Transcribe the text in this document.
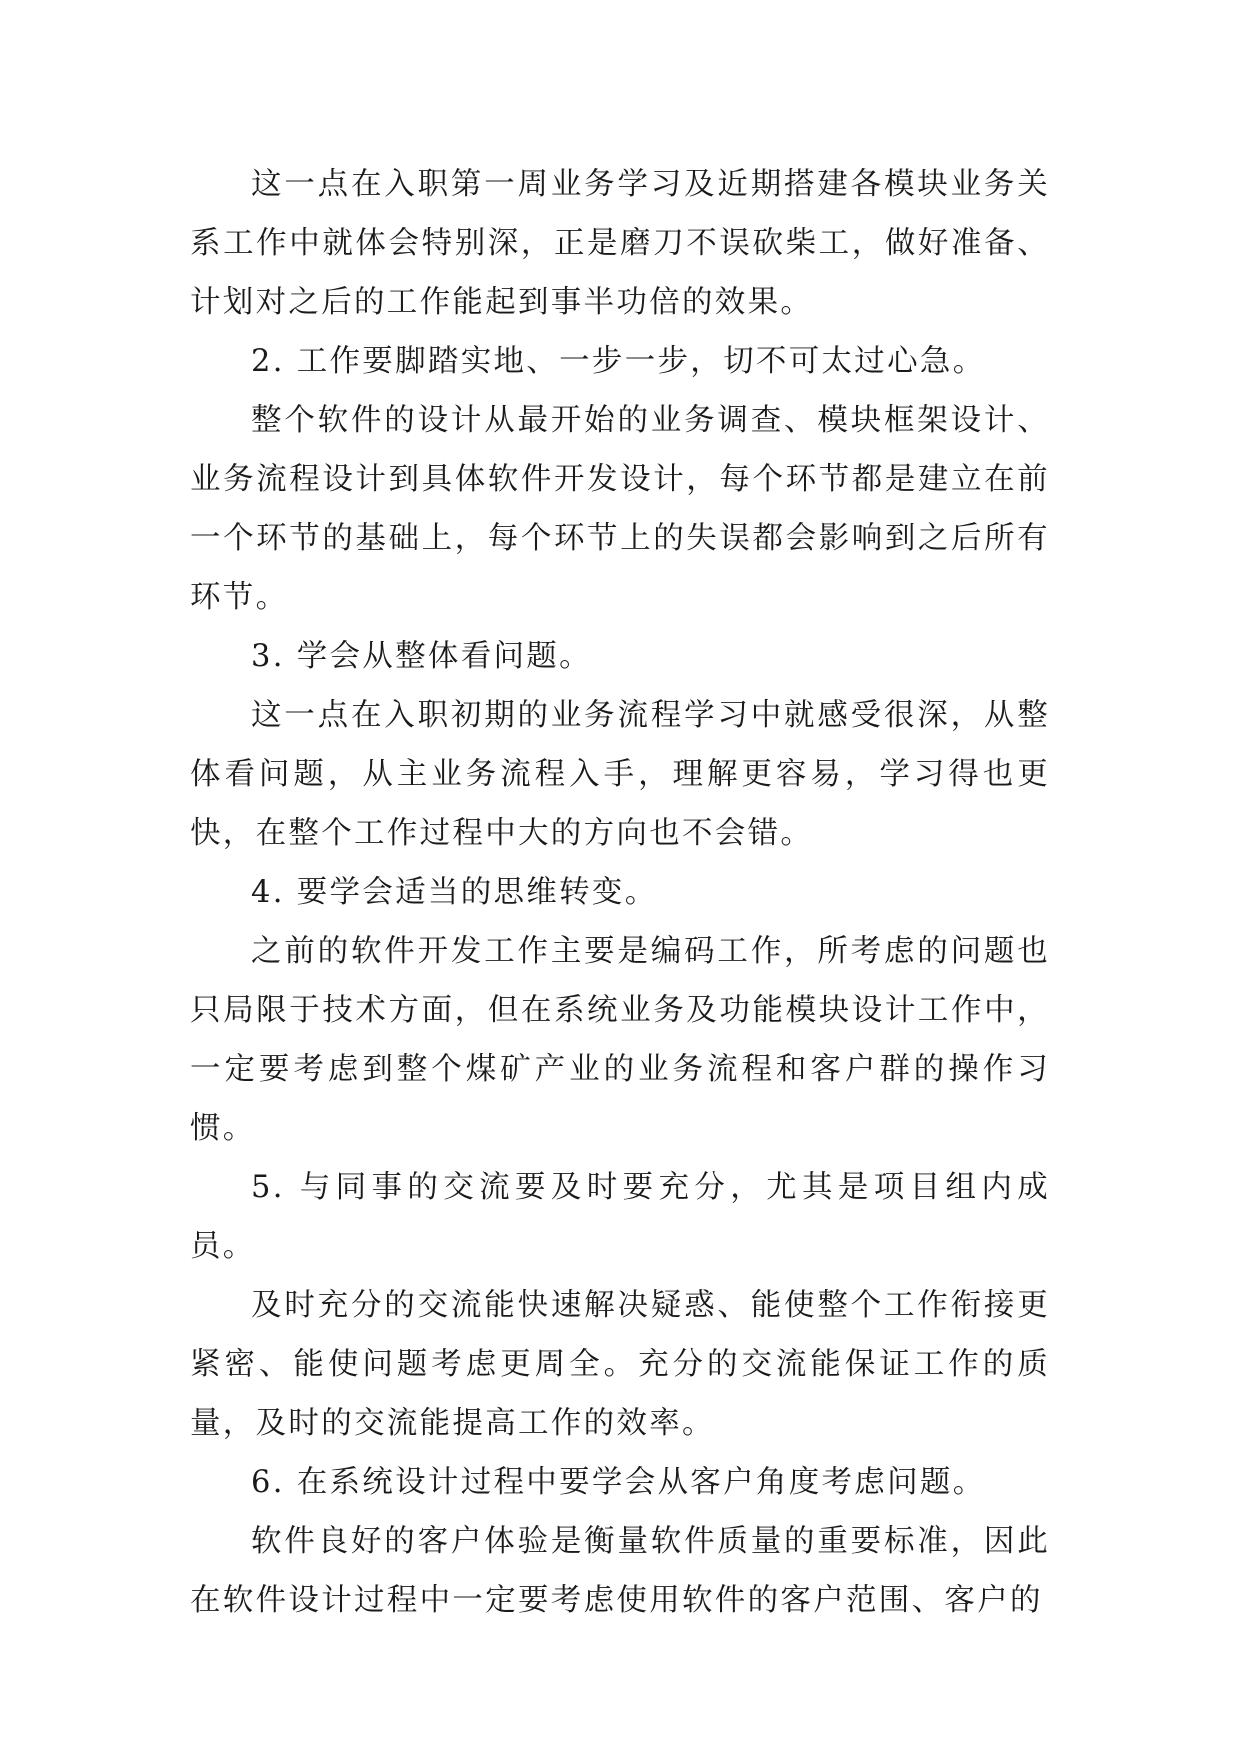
这一点在入职第一周业务学习及近期搭建各模块业务关系工作中就体会特别深，正是磨刀不误砍柴工，做好准备、计划对之后的工作能起到事半功倍的效果。

2. 工作要脚踏实地、一步一步，切不可太过心急。

整个软件的设计从最开始的业务调查、模块框架设计、业务流程设计到具体软件开发设计，每个环节都是建立在前一个环节的基础上，每个环节上的失误都会影响到之后所有环节。

3. 学会从整体看问题。

这一点在入职初期的业务流程学习中就感受很深，从整体看问题，从主业务流程入手，理解更容易，学习得也更快，在整个工作过程中大的方向也不会错。

4. 要学会适当的思维转变。

之前的软件开发工作主要是编码工作，所考虑的问题也只局限于技术方面，但在系统业务及功能模块设计工作中，一定要考虑到整个煤矿产业的业务流程和客户群的操作习惯。

5. 与同事的交流要及时要充分，尤其是项目组内成员。

及时充分的交流能快速解决疑惑、能使整个工作衔接更紧密、能使问题考虑更周全。充分的交流能保证工作的质量，及时的交流能提高工作的效率。

6. 在系统设计过程中要学会从客户角度考虑问题。

软件良好的客户体验是衡量软件质量的重要标准，因此在软件设计过程中一定要考虑使用软件的客户范围、客户的
